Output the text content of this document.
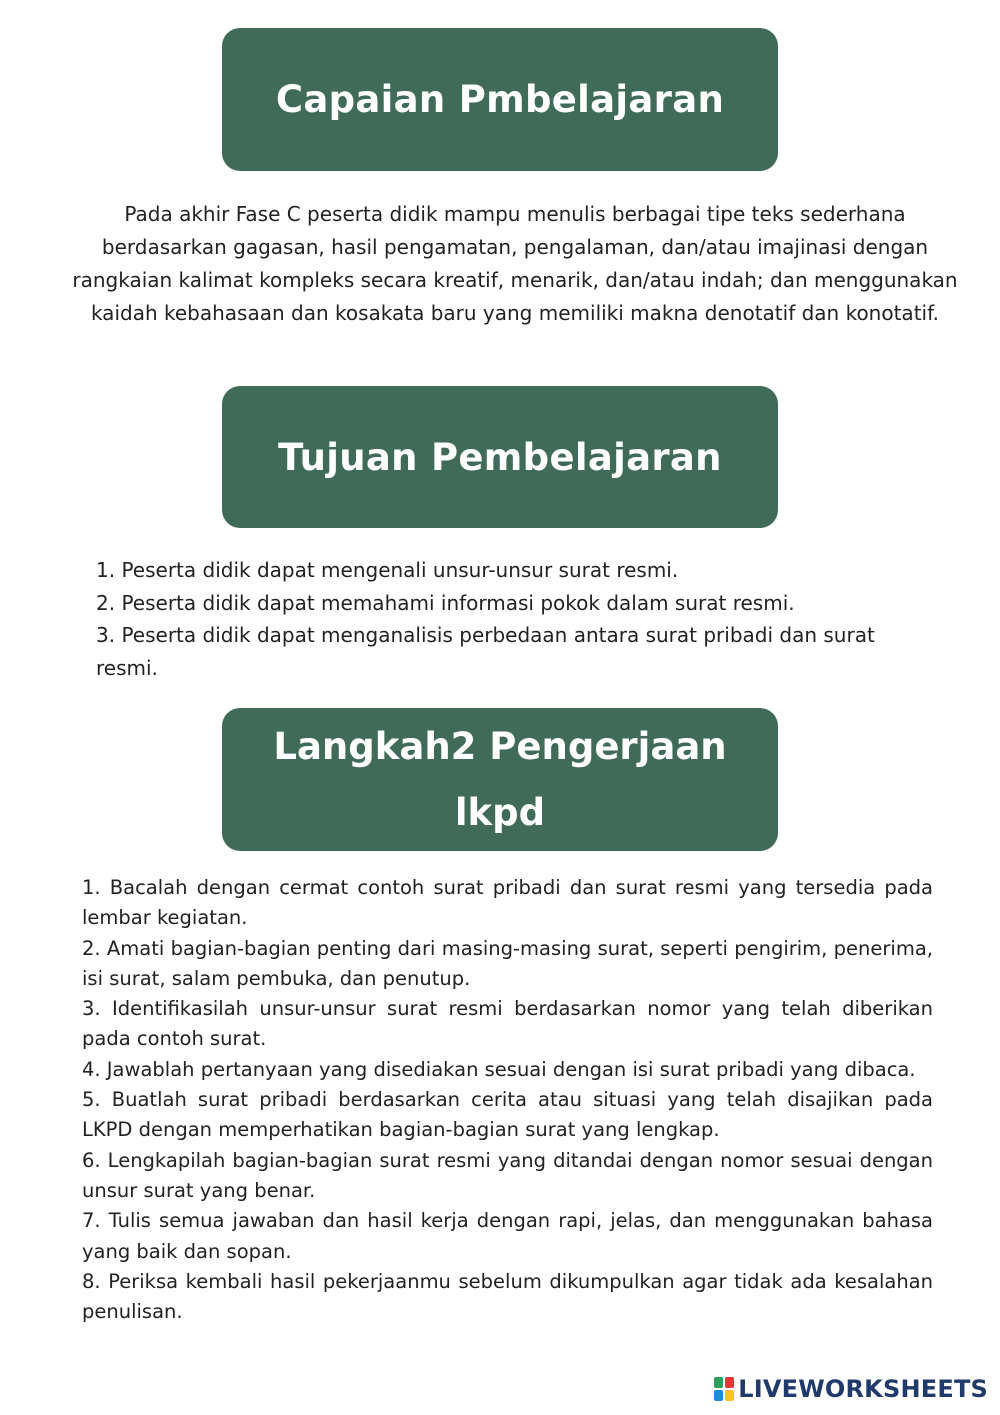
Capaian Pmbelajaran

Pada akhir Fase C peserta didik mampu menulis berbagai tipe teks sederhana berdasarkan gagasan, hasil pengamatan, pengalaman, dan/atau imajinasi dengan rangkaian kalimat kompleks secara kreatif, menarik, dan/atau indah; dan menggunakan kaidah kebahasaan dan kosakata baru yang memiliki makna denotatif dan konotatif.

Tujuan Pembelajaran
1. Peserta didik dapat mengenali unsur-unsur surat resmi.
2. Peserta didik dapat memahami informasi pokok dalam surat resmi.
3. Peserta didik dapat menganalisis perbedaan antara surat pribadi dan surat resmi.
Langkah2 Pengerjaan lkpd
1. Bacalah dengan cermat contoh surat pribadi dan surat resmi yang tersedia pada lembar kegiatan.
2. Amati bagian-bagian penting dari masing-masing surat, seperti pengirim, penerima, isi surat, salam pembuka, dan penutup.
3. Identifikasilah unsur-unsur surat resmi berdasarkan nomor yang telah diberikan pada contoh surat.
4. Jawablah pertanyaan yang disediakan sesuai dengan isi surat pribadi yang dibaca.
5. Buatlah surat pribadi berdasarkan cerita atau situasi yang telah disajikan pada LKPD dengan memperhatikan bagian-bagian surat yang lengkap.
6. Lengkapilah bagian-bagian surat resmi yang ditandai dengan nomor sesuai dengan unsur surat yang benar.
7. Tulis semua jawaban dan hasil kerja dengan rapi, jelas, dan menggunakan bahasa yang baik dan sopan.
8. Periksa kembali hasil pekerjaanmu sebelum dikumpulkan agar tidak ada kesalahan penulisan.
LIVEWORKSHEETS
